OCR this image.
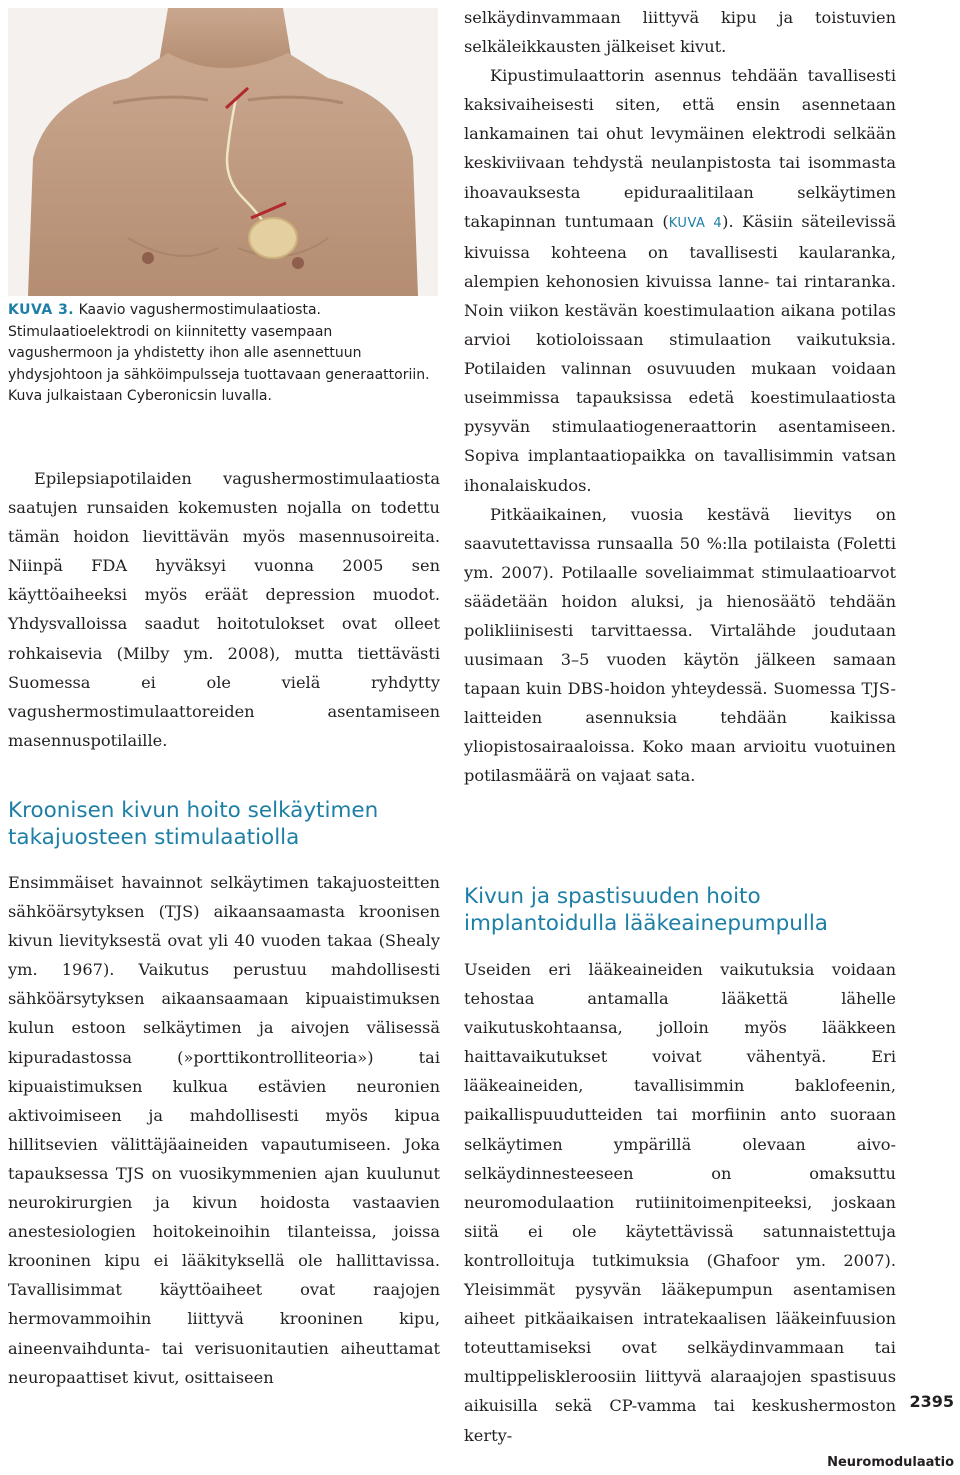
KUVA 3. Kaavio vagushermostimulaatiosta. Stimulaatioelektrodi on kiinnitetty vasempaan vagushermoon ja yhdistetty ihon alle asennettuun yhdysjohtoon ja sähköimpulsseja tuottavaan generaattoriin. Kuva julkaistaan Cyberonicsin luvalla.

Epilepsiapotilaiden vagushermostimulaatiosta saatujen runsaiden kokemusten nojalla on todettu tämän hoidon lievittävän myös masennusoireita. Niinpä FDA hyväksyi vuonna 2005 sen käyttöaiheeksi myös eräät depression muodot. Yhdysvalloissa saadut hoitotulokset ovat olleet rohkaisevia (Milby ym. 2008), mutta tiettävästi Suomessa ei ole vielä ryhdytty vagushermostimulaattoreiden asentamiseen masennuspotilaille.

Kroonisen kivun hoito selkäytimen takajuosteen stimulaatiolla

Ensimmäiset havainnot selkäytimen takajuosteitten sähköärsytyksen (TJS) aikaansaamasta kroonisen kivun lievityksestä ovat yli 40 vuoden takaa (Shealy ym. 1967). Vaikutus perustuu mahdollisesti sähköärsytyksen aikaansaamaan kipuaistimuksen kulun estoon selkäytimen ja aivojen välisessä kipuradastossa (»porttikontrolliteoria») tai kipuaistimuksen kulkua estävien neuronien aktivoimiseen ja mahdollisesti myös kipua hillitsevien välittäjäaineiden vapautumiseen. Joka tapauksessa TJS on vuosikymmenien ajan kuulunut neurokirurgien ja kivun hoidosta vastaavien anestesiologien hoitokeinoihin tilanteissa, joissa krooninen kipu ei lääkityksellä ole hallittavissa. Tavallisimmat käyttöaiheet ovat raajojen hermovammoihin liittyvä krooninen kipu, aineenvaihdunta- tai verisuonitautien aiheuttamat neuropaattiset kivut, osittaiseen

selkäydinvammaan liittyvä kipu ja toistuvien selkäleikkausten jälkeiset kivut.

Kipustimulaattorin asennus tehdään tavallisesti kaksivaiheisesti siten, että ensin asennetaan lankamainen tai ohut levymäinen elektrodi selkään keskiviivaan tehdystä neulanpistosta tai isommasta ihoavauksesta epiduraalitilaan selkäytimen takapinnan tuntumaan (KUVA 4). Käsiin säteilevissä kivuissa kohteena on tavallisesti kaularanka, alempien kehonosien kivuissa lanne- tai rintaranka. Noin viikon kestävän koestimulaation aikana potilas arvioi kotioloissaan stimulaation vaikutuksia. Potilaiden valinnan osuvuuden mukaan voidaan useimmissa tapauksissa edetä koestimulaatiosta pysyvän stimulaatiogeneraattorin asentamiseen. Sopiva implantaatiopaikka on tavallisimmin vatsan ihonalaiskudos.

Pitkäaikainen, vuosia kestävä lievitys on saavutettavissa runsaalla 50 %:lla potilaista (Foletti ym. 2007). Potilaalle soveliaimmat stimulaatioarvot säädetään hoidon aluksi, ja hienosäätö tehdään polikliinisesti tarvittaessa. Virtalähde joudutaan uusimaan 3–5 vuoden käytön jälkeen samaan tapaan kuin DBS-hoidon yhteydessä. Suomessa TJS-laitteiden asennuksia tehdään kaikissa yliopistosairaaloissa. Koko maan arvioitu vuotuinen potilasmäärä on vajaat sata.

Kivun ja spastisuuden hoito implantoidulla lääkeainepumpulla

Useiden eri lääkeaineiden vaikutuksia voidaan tehostaa antamalla lääkettä lähelle vaikutuskohtaansa, jolloin myös lääkkeen haittavaikutukset voivat vähentyä. Eri lääkeaineiden, tavallisimmin baklofeenin, paikallispuudutteiden tai morfiinin anto suoraan selkäytimen ympärillä olevaan aivo-selkäydinnesteeseen on omaksuttu neuromodulaation rutiinitoimenpiteeksi, joskaan siitä ei ole käytettävissä satunnaistettuja kontrolloituja tutkimuksia (Ghafoor ym. 2007). Yleisimmät pysyvän lääkepumpun asentamisen aiheet pitkäaikaisen intratekaalisen lääkeinfuusion toteuttamiseksi ovat selkäydinvammaan tai multippeliskleroosiin liittyvä alaraajojen spastisuus aikuisilla sekä CP-vamma tai keskushermoston kerty-

2395
Neuromodulaatio
